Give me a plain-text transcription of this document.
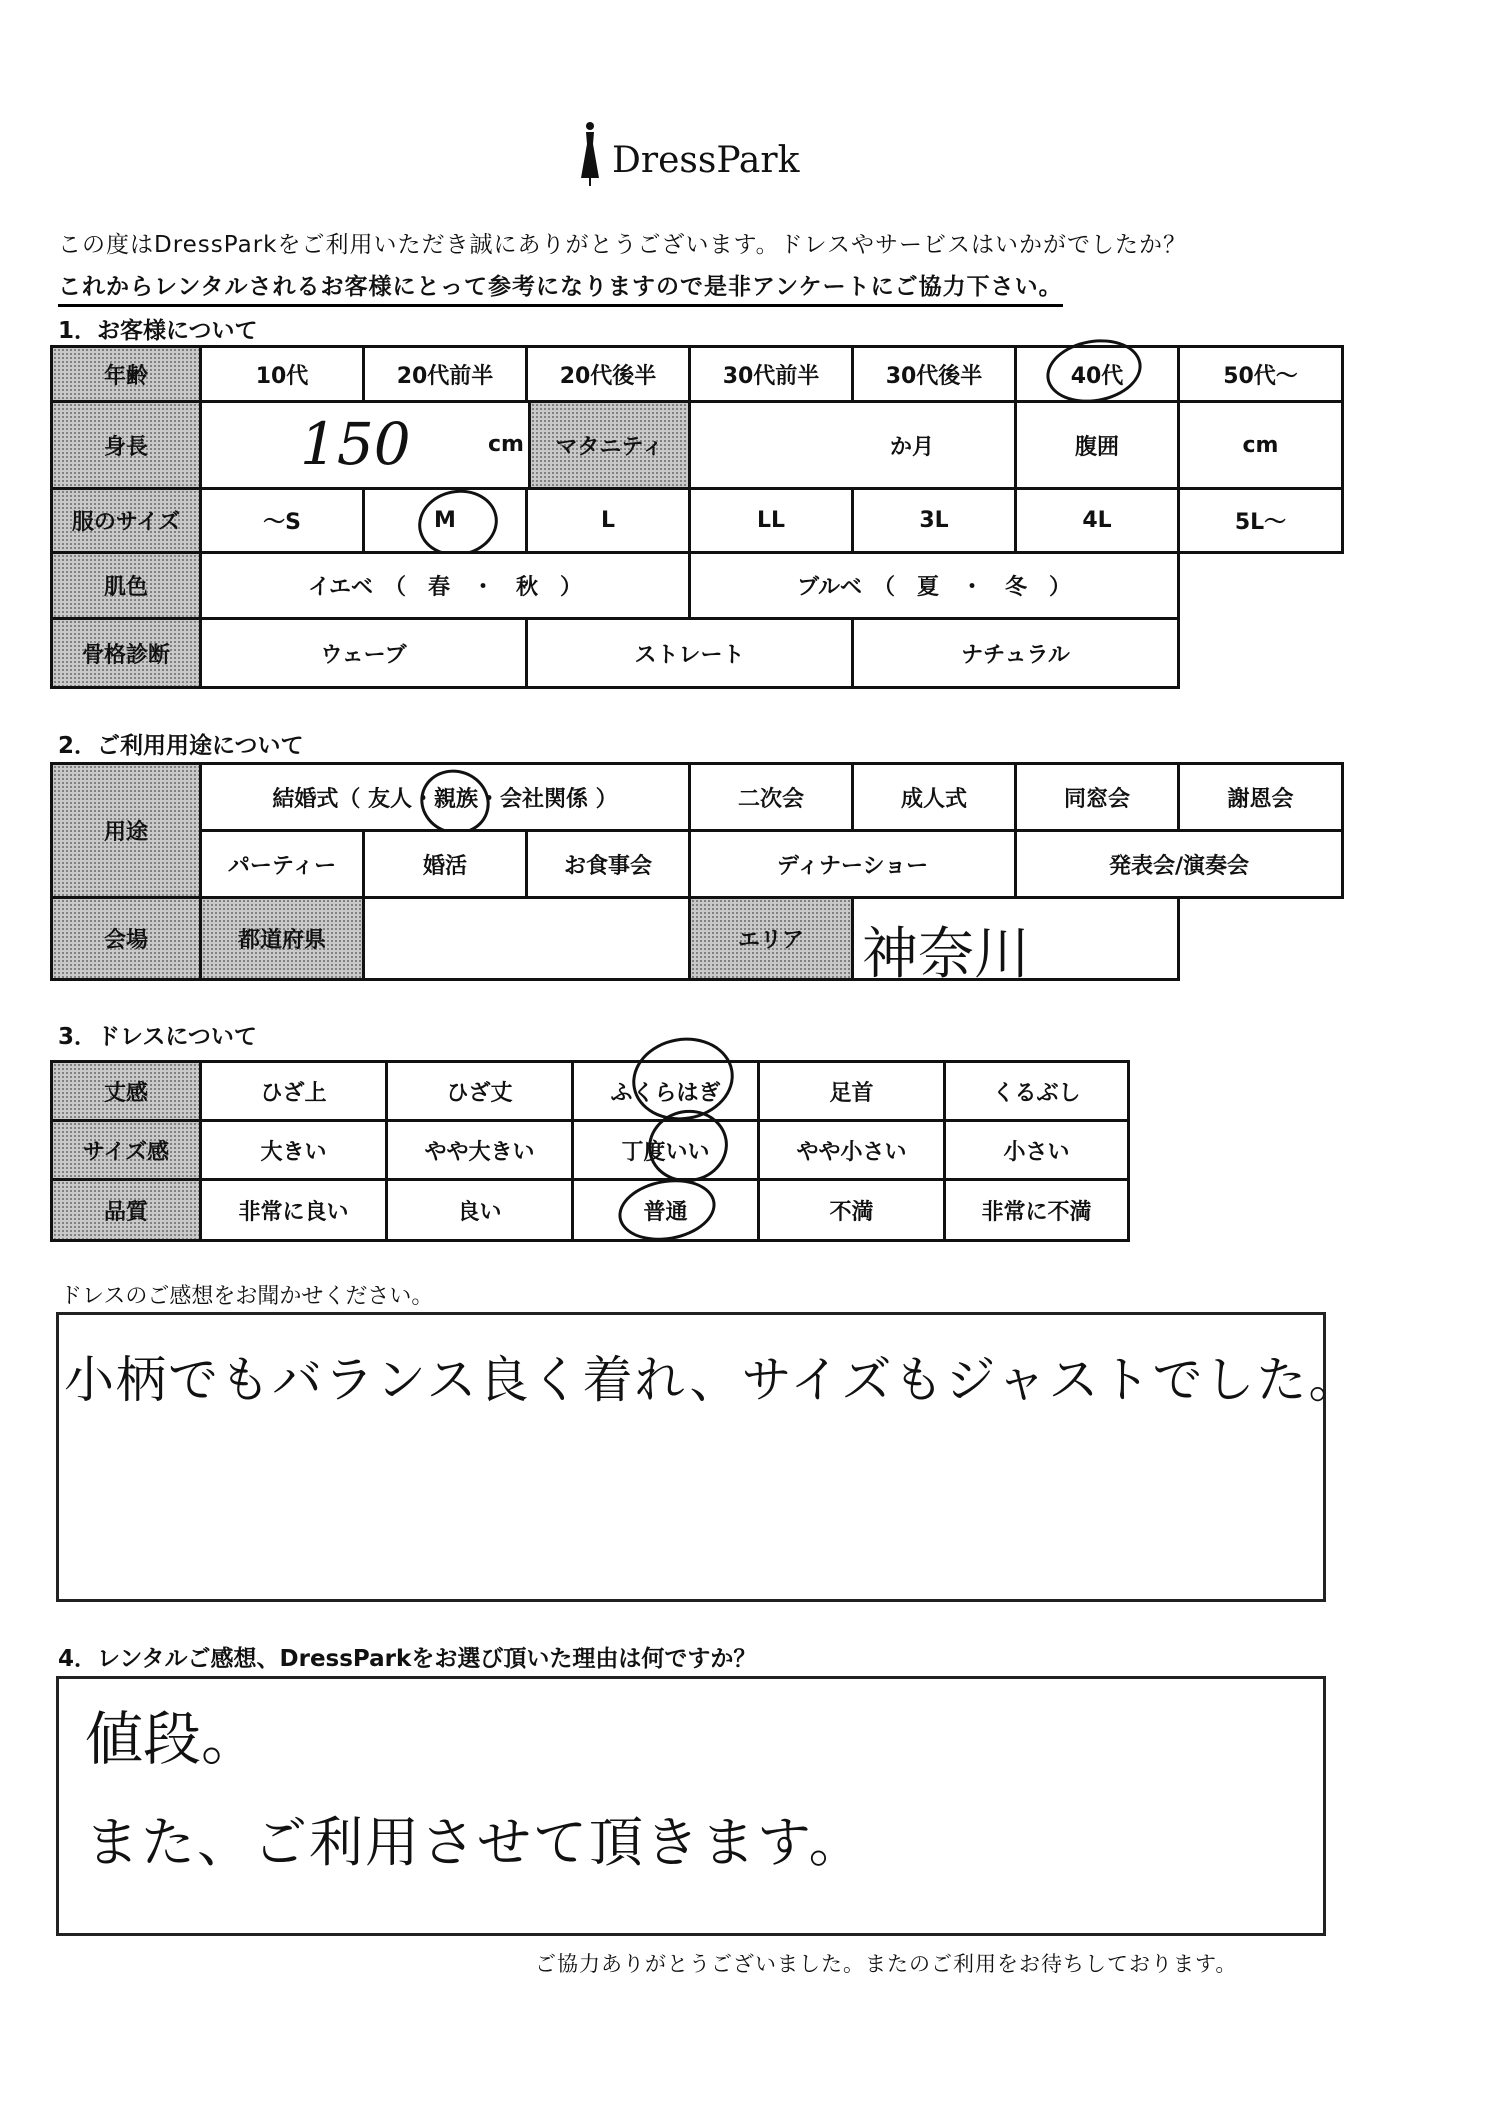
DressPark
この度はDressParkをご利用いただき誠にありがとうございます。ドレスやサービスはいかがでしたか？
これからレンタルされるお客様にとって参考になりますので是非アンケートにご協力下さい。
1．お客様について
年齢	10代	20代前半	20代後半	30代前半	30代後半	40代	50代～
身長	150	cm	マタニティ	か月	腹囲	cm
服のサイズ	～S	M	L	LL	3L	4L	5L～
肌色	イエベ　（　春　・　秋　）	ブルベ　（　夏　・　冬　）
骨格診断	ウェーブ	ストレート	ナチュラル
2．ご利用用途について
用途
結婚式（ 友人・親族・会社関係 ）	二次会	成人式	同窓会	謝恩会
パーティー	婚活	お食事会	ディナーショー	発表会/演奏会
会場	都道府県	エリア	神奈川
3．ドレスについて
丈感	ひざ上	ひざ丈	ふくらはぎ	足首	くるぶし
サイズ感	大きい	やや大きい	丁度いい	やや小さい	小さい
品質	非常に良い	良い	普通	不満	非常に不満
ドレスのご感想をお聞かせください。
小柄でもバランス良く着れ、サイズもジャストでした。
4．レンタルご感想、DressParkをお選び頂いた理由は何ですか？
値段。
また、ご利用させて頂きます。
ご協力ありがとうございました。またのご利用をお待ちしております。
